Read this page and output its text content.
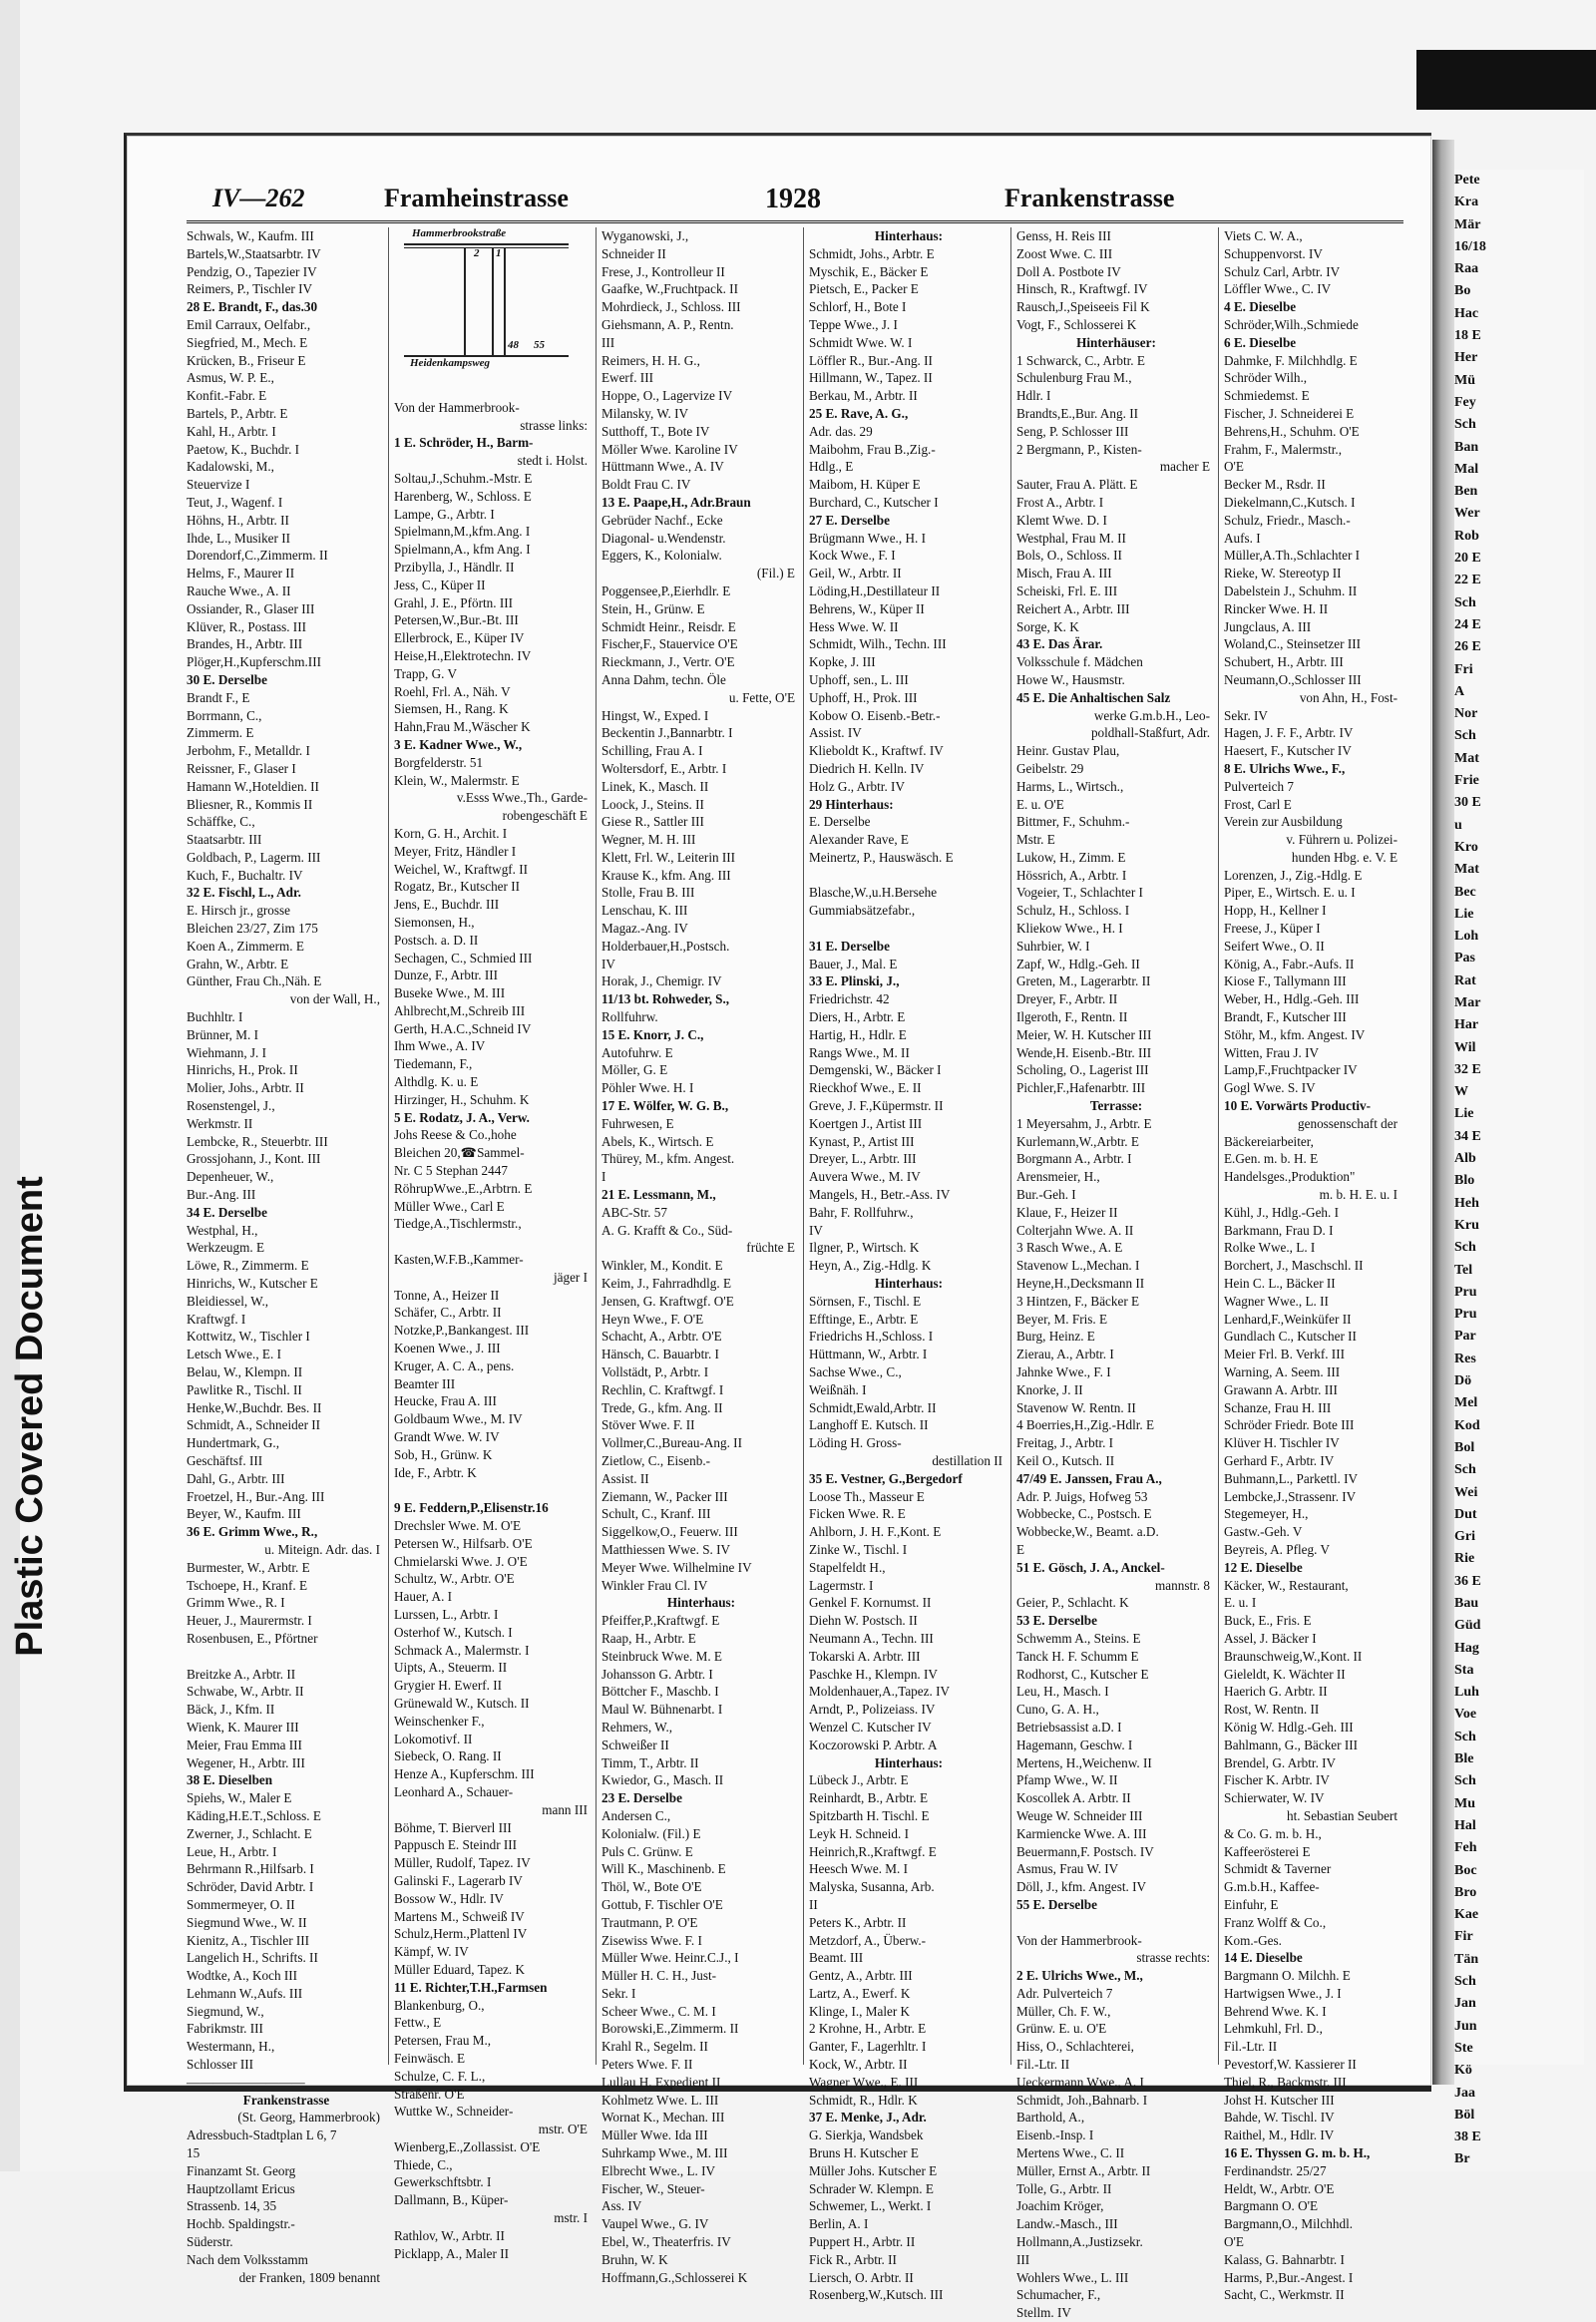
Plastic Covered Document
IV—262	Framheinstrasse	1928	Frankenstrasse
Schwals, W., Kaufm. III
Bartels,W.,Staatsarbtr. IV
Pendzig, O., Tapezier IV
Reimers, P., Tischler IV
28 E. Brandt, F., das.30
Emil Carraux, Oelfabr.,
Siegfried, M., Mech. E
Krücken, B., Friseur E
Asmus, W. P. E.,
Konfit.-Fabr. E
Bartels, P., Arbtr. E
Kahl, H., Arbtr. I
Paetow, K., Buchdr. I
Kadalowski, M.,
Steuervize I
Teut, J., Wagenf. I
Höhns, H., Arbtr. II
Ihde, L., Musiker II
Dorendorf,C.,Zimmerm. II
Helms, F., Maurer II
Rauche Wwe., A. II
Ossiander, R., Glaser III
Klüver, R., Postass. III
Brandes, H., Arbtr. III
Plöger,H.,Kupferschm.III
30 E. Derselbe
Brandt F., E
Borrmann, C.,
Zimmerm. E
Jerbohm, F., Metalldr. I
Reissner, F., Glaser I
Hamann W.,Hoteldien. II
Bliesner, R., Kommis II
Schäffke, C.,
Staatsarbtr. III
Goldbach, P., Lagerm. III
Kuch, F., Buchaltr. IV
32 E. Fischl, L., Adr.
E. Hirsch jr., grosse
Bleichen 23/27, Zim 175
Koen A., Zimmerm. E
Grahn, W., Arbtr. E
Günther, Frau Ch.,Näh. E
von der Wall, H.,
Buchhltr. I
Brünner, M. I
Wiehmann, J. I
Hinrichs, H., Prok. II
Molier, Johs., Arbtr. II
Rosenstengel, J.,
Werkmstr. II
Lembcke, R., Steuerbtr. III
Grossjohann, J., Kont. III
Depenheuer, W.,
Bur.-Ang. III
34 E. Derselbe
Westphal, H.,
Werkzeugm. E
Löwe, R., Zimmerm. E
Hinrichs, W., Kutscher E
Bleidiessel, W.,
Kraftwgf. I
Kottwitz, W., Tischler I
Letsch Wwe., E. I
Belau, W., Klempn. II
Pawlitke R., Tischl. II
Henke,W.,Buchdr. Bes. II
Schmidt, A., Schneider II
Hundertmark, G.,
Geschäftsf. III
Dahl, G., Arbtr. III
Froetzel, H., Bur.-Ang. III
Beyer, W., Kaufm. III
36 E. Grimm Wwe., R.,
u. Miteign. Adr. das. I
Burmester, W., Arbtr. E
Tschoepe, H., Kranf. E
Grimm Wwe., R. I
Heuer, J., Maurermstr. I
Rosenbusen, E., Pförtner
Breitzke A., Arbtr. II
Schwabe, W., Arbtr. II
Bäck, J., Kfm. II
Wienk, K. Maurer III
Meier, Frau Emma III
Wegener, H., Arbtr. III
38 E. Dieselben
Spiehs, W., Maler E
Käding,H.E.T.,Schloss. E
Zwerner, J., Schlacht. E
Leue, H., Arbtr. I
Behrmann R.,Hilfsarb. I
Schröder, David Arbtr. I
Sommermeyer, O. II
Siegmund Wwe., W. II
Kienitz, A., Tischler III
Langelich H., Schrifts. II
Wodtke, A., Koch III
Lehmann W.,Aufs. III
Siegmund, W.,
Fabrikmstr. III
Westermann, H.,
Schlosser III
—————————
Frankenstrasse
(St. Georg, Hammerbrook)
Adressbuch-Stadtplan L 6, 7
15
Finanzamt St. Georg
Hauptzollamt Ericus
Strassenb. 14, 35
Hochb. Spaldingstr.-
Süderstr.
Nach dem Volksstamm
der Franken, 1809 benannt
Hammerbrookstraße
2 1
48 55
Heidenkampsweg
Von der Hammerbrook-
strasse links:
1 E. Schröder, H., Barm-
stedt i. Holst.
Soltau,J.,Schuhm.-Mstr. E
Harenberg, W., Schloss. E
Lampe, G., Arbtr. I
Spielmann,M.,kfm.Ang. I
Spielmann,A., kfm Ang. I
Przibylla, J., Händlr. II
Jess, C., Küper II
Grahl, J. E., Pförtn. III
Petersen,W.,Bur.-Bt. III
Ellerbrock, E., Küper IV
Heise,H.,Elektrotechn. IV
Trapp, G. V
Roehl, Frl. A., Näh. V
Siemsen, H., Rang. K
Hahn,Frau M.,Wäscher K
3 E. Kadner Wwe., W.,
Borgfelderstr. 51
Klein, W., Malermstr. E
v.Esss Wwe.,Th., Garde-
robengeschäft E
Korn, G. H., Archit. I
Meyer, Fritz, Händler I
Weichel, W., Kraftwgf. II
Rogatz, Br., Kutscher II
Jens, E., Buchdr. III
Siemonsen, H.,
Postsch. a. D. II
Sechagen, C., Schmied III
Dunze, F., Arbtr. III
Buseke Wwe., M. III
Ahlbrecht,M.,Schreib III
Gerth, H.A.C.,Schneid IV
Ihm Wwe., A. IV
Tiedemann, F.,
Althdlg. K. u. E
Hirzinger, H., Schuhm. K
5 E. Rodatz, J. A., Verw.
Johs Reese & Co.,hohe
Bleichen 20,☎Sammel-
Nr. C 5 Stephan 2447
RöhrupWwe.,E.,Arbtrn. E
Müller Wwe., Carl E
Tiedge,A.,Tischlermstr.,
Kasten,W.F.B.,Kammer-
jäger I
Tonne, A., Heizer II
Schäfer, C., Arbtr. II
Notzke,P.,Bankangest. III
Koenen Wwe., J. III
Kruger, A. C. A., pens.
Beamter III
Heucke, Frau A. III
Goldbaum Wwe., M. IV
Grandt Wwe. W. IV
Sob, H., Grünw. K
Ide, F., Arbtr. K
9 E. Feddern,P.,Elisenstr.16
Drechsler Wwe. M. O'E
Petersen W., Hilfsarb. O'E
Chmielarski Wwe. J. O'E
Schultz, W., Arbtr. O'E
Hauer, A. I
Lurssen, L., Arbtr. I
Osterhof W., Kutsch. I
Schmack A., Malermstr. I
Uipts, A., Steuerm. II
Grygier H. Ewerf. II
Grünewald W., Kutsch. II
Weinschenker F.,
Lokomotivf. II
Siebeck, O. Rang. II
Henze A., Kupferschm. III
Leonhard A., Schauer-
mann III
Böhme, T. Bierverl III
Pappusch E. Steindr III
Müller, Rudolf, Tapez. IV
Galinski F., Lagerarb IV
Bossow W., Hdlr. IV
Martens M., Schweiß IV
Schulz,Herm.,Plattenl IV
Kämpf, W. IV
Müller Eduard, Tapez. K
11 E. Richter,T.H.,Farmsen
Blankenburg, O.,
Fettw., E
Petersen, Frau M.,
Feinwäsch. E
Schulze, C. F. L.,
Straßenr. O'E
Wuttke W., Schneider-
mstr. O'E
Wienberg,E.,Zollassist. O'E
Thiede, C.,
Gewerkschftsbtr. I
Dallmann, B., Küper-
mstr. I
Rathlov, W., Arbtr. II
Picklapp, A., Maler II
Wyganowski, J.,
Schneider II
Frese, J., Kontrolleur II
Gaafke, W.,Fruchtpack. II
Mohrdieck, J., Schloss. III
Giehsmann, A. P., Rentn.
III
Reimers, H. H. G.,
Ewerf. III
Hoppe, O., Lagervize IV
Milansky, W. IV
Sutthoff, T., Bote IV
Möller Wwe. Karoline IV
Hüttmann Wwe., A. IV
Boldt Frau C. IV
13 E. Paape,H., Adr.Braun
Gebrüder Nachf., Ecke
Diagonal- u.Wendenstr.
Eggers, K., Kolonialw.
(Fil.) E
Poggensee,P.,Eierhdlr. E
Stein, H., Grünw. E
Schmidt Heinr., Reisdr. E
Fischer,F., Stauervice O'E
Rieckmann, J., Vertr. O'E
Anna Dahm, techn. Öle
u. Fette, O'E
Hingst, W., Exped. I
Beckentin J.,Bannarbtr. I
Schilling, Frau A. I
Woltersdorf, E., Arbtr. I
Linek, K., Masch. II
Loock, J., Steins. II
Giese R., Sattler III
Wegner, M. H. III
Klett, Frl. W., Leiterin III
Krause K., kfm. Ang. III
Stolle, Frau B. III
Lenschau, K. III
Magaz.-Ang. IV
Holderbauer,H.,Postsch.
IV
Horak, J., Chemigr. IV
11/13 bt. Rohweder, S.,
Rollfuhrw.
15 E. Knorr, J. C.,
Autofuhrw. E
Möller, G. E
Pöhler Wwe. H. I
17 E. Wölfer, W. G. B.,
Fuhrwesen, E
Abels, K., Wirtsch. E
Thürey, M., kfm. Angest.
I
21 E. Lessmann, M.,
ABC-Str. 57
A. G. Krafft & Co., Süd-
früchte E
Winkler, M., Kondit. E
Keim, J., Fahrradhdlg. E
Jensen, G. Kraftwgf. O'E
Heyn Wwe., F. O'E
Schacht, A., Arbtr. O'E
Hänsch, C. Bauarbtr. I
Vollstädt, P., Arbtr. I
Rechlin, C. Kraftwgf. I
Trede, G., kfm. Ang. II
Stöver Wwe. F. II
Vollmer,C.,Bureau-Ang. II
Zietlow, C., Eisenb.-
Assist. II
Ziemann, W., Packer III
Schult, C., Kranf. III
Siggelkow,O., Feuerw. III
Matthiessen Wwe. S. IV
Meyer Wwe. Wilhelmine IV
Winkler Frau Cl. IV
Hinterhaus:
Pfeiffer,P.,Kraftwgf. E
Raap, H., Arbtr. E
Steinbruck Wwe. M. E
Johansson G. Arbtr. I
Böttcher F., Maschb. I
Maul W. Bühnenarbt. I
Rehmers, W.,
Schweißer II
Timm, T., Arbtr. II
Kwiedor, G., Masch. II
23 E. Derselbe
Andersen C.,
Kolonialw. (Fil.) E
Puls C. Grünw. E
Will K., Maschinenb. E
Thöl, W., Bote O'E
Gottub, F. Tischler O'E
Trautmann, P. O'E
Zisewiss Wwe. F. I
Müller Wwe. Heinr.C.J., I
Müller H. C. H., Just-
Sekr. I
Scheer Wwe., C. M. I
Borowski,E.,Zimmerm. II
Krahl R., Segelm. II
Peters Wwe. F. II
Lullau H. Expedient II
Kohlmetz Wwe. L. III
Wornat K., Mechan. III
Müller Wwe. Ida III
Suhrkamp Wwe., M. III
Elbrecht Wwe., L. IV
Fischer, W., Steuer-
Ass. IV
Vaupel Wwe., G. IV
Ebel, W., Theaterfris. IV
Bruhn, W. K
Hoffmann,G.,Schlosserei K
Hinterhaus:
Schmidt, Johs., Arbtr. E
Myschik, E., Bäcker E
Pietsch, E., Packer E
Schlorf, H., Bote I
Teppe Wwe., J. I
Schmidt Wwe. W. I
Löffler R., Bur.-Ang. II
Hillmann, W., Tapez. II
Berkau, M., Arbtr. II
25 E. Rave, A. G.,
Adr. das. 29
Maibohm, Frau B.,Zig.-
Hdlg., E
Maibom, H. Küper E
Burchard, C., Kutscher I
27 E. Derselbe
Brügmann Wwe., H. I
Kock Wwe., F. I
Geil, W., Arbtr. II
Löding,H.,Destillateur II
Behrens, W., Küper II
Hess Wwe. W. II
Schmidt, Wilh., Techn. III
Kopke, J. III
Uphoff, sen., L. III
Uphoff, H., Prok. III
Kobow O. Eisenb.-Betr.-
Assist. IV
Klieboldt K., Kraftwf. IV
Diedrich H. Kelln. IV
Holz G., Arbtr. IV
29 Hinterhaus:
E. Derselbe
Alexander Rave, E
Meinertz, P., Hauswäsch. E
Blasche,W.,u.H.Bersehe
Gummiabsätzefabr.,
31 E. Derselbe
Bauer, J., Mal. E
33 E. Plinski, J.,
Friedrichstr. 42
Diers, H., Arbtr. E
Hartig, H., Hdlr. E
Rangs Wwe., M. II
Demgenski, W., Bäcker I
Rieckhof Wwe., E. II
Greve, J. F.,Küpermstr. II
Koertgen J., Artist III
Kynast, P., Artist III
Dreyer, L., Arbtr. III
Auvera Wwe., M. IV
Mangels, H., Betr.-Ass. IV
Bahr, F. Rollfuhrw.,
IV
Ilgner, P., Wirtsch. K
Heyn, A., Zig.-Hdlg. K
Hinterhaus:
Sörnsen, F., Tischl. E
Efftinge, E., Arbtr. E
Friedrichs H.,Schloss. I
Hüttmann, W., Arbtr. I
Sachse Wwe., C.,
Weißnäh. I
Schmidt,Ewald,Arbtr. II
Langhoff E. Kutsch. II
Löding H. Gross-
destillation II
35 E. Vestner, G.,Bergedorf
Loose Th., Masseur E
Ficken Wwe. R. E
Ahlborn, J. H. F.,Kont. E
Zinke W., Tischl. I
Stapelfeldt H.,
Lagermstr. I
Genkel F. Kornumst. II
Diehn W. Postsch. II
Neumann A., Techn. III
Tokarski A. Arbtr. III
Paschke H., Klempn. IV
Moldenhauer,A.,Tapez. IV
Arndt, P., Polizeiass. IV
Wenzel C. Kutscher IV
Koczorowski P. Arbtr. A
Hinterhaus:
Lübeck J., Arbtr. E
Reinhardt, B., Arbtr. E
Spitzbarth H. Tischl. E
Leyk H. Schneid. I
Heinrich,R.,Kraftwgf. E
Heesch Wwe. M. I
Malyska, Susanna, Arb.
II
Peters K., Arbtr. II
Metzdorf, A., Überw.-
Beamt. III
Gentz, A., Arbtr. III
Lartz, A., Ewerf. K
Klinge, I., Maler K
2 Krohne, H., Arbtr. E
Ganter, F., Lagerhltr. I
Kock, W., Arbtr. II
Wagner Wwe., E. III
Schmidt, R., Hdlr. K
37 E. Menke, J., Adr.
G. Sierkja, Wandsbek
Bruns H. Kutscher E
Müller Johs. Kutscher E
Schrader W. Klempn. E
Schwemer, L., Werkt. I
Berlin, A. I
Puppert H., Arbtr. II
Fick R., Arbtr. II
Liersch, O. Arbtr. II
Rosenberg,W.,Kutsch. III
Genss, H. Reis III
Zoost Wwe. C. III
Doll A. Postbote IV
Hinsch, R., Kraftwgf. IV
Rausch,J.,Speiseeis Fil K
Vogt, F., Schlosserei K
Hinterhäuser:
1 Schwarck, C., Arbtr. E
Schulenburg Frau M.,
Hdlr. I
Brandts,E.,Bur. Ang. II
Seng, P. Schlosser III
2 Bergmann, P., Kisten-
macher E
Sauter, Frau A. Plätt. E
Frost A., Arbtr. I
Klemt Wwe. D. I
Westphal, Frau M. II
Bols, O., Schloss. II
Misch, Frau A. III
Scheiski, Frl. E. III
Reichert A., Arbtr. III
Sorge, K. K
43 E. Das Ärar.
Volksschule f. Mädchen
Howe W., Hausmstr.
45 E. Die Anhaltischen Salz
werke G.m.b.H., Leo-
poldhall-Staßfurt, Adr.
Heinr. Gustav Plau,
Geibelstr. 29
Harms, L., Wirtsch.,
E. u. O'E
Bittmer, F., Schuhm.-
Mstr. E
Lukow, H., Zimm. E
Hössrich, A., Arbtr. I
Vogeier, T., Schlachter I
Schulz, H., Schloss. I
Kliekow Wwe., H. I
Suhrbier, W. I
Zapf, W., Hdlg.-Geh. II
Greten, M., Lagerarbtr. II
Dreyer, F., Arbtr. II
Ilgeroth, F., Rentn. II
Meier, W. H. Kutscher III
Wende,H. Eisenb.-Btr. III
Scholing, O., Lagerist III
Pichler,F.,Hafenarbtr. III
Terrasse:
1 Meyersahm, J., Arbtr. E
Kurlemann,W.,Arbtr. E
Borgmann A., Arbtr. I
Arensmeier, H.,
Bur.-Geh. I
Klaue, F., Heizer II
Colterjahn Wwe. A. II
3 Rasch Wwe., A. E
Stavenow L.,Mechan. I
Heyne,H.,Decksmann II
3 Hintzen, F., Bäcker E
Beyer, M. Fris. E
Burg, Heinz. E
Zierau, A., Arbtr. I
Jahnke Wwe., F. I
Knorke, J. II
Stavenow W. Rentn. II
4 Boerries,H.,Zig.-Hdlr. E
Freitag, J., Arbtr. I
Keil O., Kutsch. II
47/49 E. Janssen, Frau A.,
Adr. P. Juigs, Hofweg 53
Wobbecke, C., Postsch. E
Wobbecke,W., Beamt. a.D.
E
51 E. Gösch, J. A., Anckel-
mannstr. 8
Geier, P., Schlacht. K
53 E. Derselbe
Schwemm A., Steins. E
Tanck H. F. Schumm E
Rodhorst, C., Kutscher E
Leu, H., Masch. I
Cuno, G. A. H.,
Betriebsassist a.D. I
Hagemann, Geschw. I
Mertens, H.,Weichenw. II
Pfamp Wwe., W. II
Koscollek A. Arbtr. II
Weuge W. Schneider III
Karmiencke Wwe. A. III
Beuermann,F. Postsch. IV
Asmus, Frau W. IV
Döll, J., kfm. Angest. IV
55 E. Derselbe
Von der Hammerbrook-
strasse rechts:
2 E. Ulrichs Wwe., M.,
Adr. Pulverteich 7
Müller, Ch. F. W.,
Grünw. E. u. O'E
Hiss, O., Schlachterei,
Fil.-Ltr. II
Ueckermann Wwe., A. I
Schmidt, Joh.,Bahnarb. I
Barthold, A.,
Eisenb.-Insp. I
Mertens Wwe., C. II
Müller, Ernst A., Arbtr. II
Tolle, G., Arbtr. II
Joachim Kröger,
Landw.-Masch., III
Hollmann,A.,Justizsekr.
III
Wohlers Wwe., L. III
Schumacher, F.,
Stellm. IV
Viets C. W. A.,
Schuppenvorst. IV
Schulz Carl, Arbtr. IV
Löffler Wwe., C. IV
4 E. Dieselbe
Schröder,Wilh.,Schmiede
6 E. Dieselbe
Dahmke, F. Milchhdlg. E
Schröder Wilh.,
Schmiedemst. E
Fischer, J. Schneiderei E
Behrens,H., Schuhm. O'E
Frahm, F., Malermstr.,
O'E
Becker M., Rsdr. II
Diekelmann,C.,Kutsch. I
Schulz, Friedr., Masch.-
Aufs. I
Müller,A.Th.,Schlachter I
Rieke, W. Stereotyp II
Dabelstein J., Schuhm. II
Rincker Wwe. H. II
Jungclaus, A. III
Woland,C., Steinsetzer III
Schubert, H., Arbtr. III
Neumann,O.,Schlosser III
von Ahn, H., Fost-
Sekr. IV
Hagen, J. F. F., Arbtr. IV
Haesert, F., Kutscher IV
8 E. Ulrichs Wwe., F.,
Pulverteich 7
Frost, Carl E
Verein zur Ausbildung
v. Führern u. Polizei-
hunden Hbg. e. V. E
Lorenzen, J., Zig.-Hdlg. E
Piper, E., Wirtsch. E. u. I
Hopp, H., Kellner I
Freese, J., Küper I
Seifert Wwe., O. II
König, A., Fabr.-Aufs. II
Kiose F., Tallymann III
Weber, H., Hdlg.-Geh. III
Brandt, F., Kutscher III
Stöhr, M., kfm. Angest. IV
Witten, Frau J. IV
Lamp,F.,Fruchtpacker IV
Gogl Wwe. S. IV
10 E. Vorwärts Productiv-
genossenschaft der
Bäckereiarbeiter,
E.Gen. m. b. H. E
Handelsges.,Produktion"
m. b. H. E. u. I
Kühl, J., Hdlg.-Geh. I
Barkmann, Frau D. I
Rolke Wwe., L. I
Borchert, J., Maschschl. II
Hein C. L., Bäcker II
Wagner Wwe., L. II
Lenhard,F.,Weinküfer II
Gundlach C., Kutscher II
Meier Frl. B. Verkf. III
Warning, A. Seem. III
Grawann A. Arbtr. III
Schanze, Frau H. III
Schröder Friedr. Bote III
Klüver H. Tischler IV
Gerhard F., Arbtr. IV
Buhmann,L., Parkettl. IV
Lembcke,J.,Strassenr. IV
Stegemeyer, H.,
Gastw.-Geh. V
Beyreis, A. Pfleg. V
12 E. Dieselbe
Käcker, W., Restaurant,
E. u. I
Buck, E., Fris. E
Assel, J. Bäcker I
Braunschweig,W.,Kont. II
Gieleldt, K. Wächter II
Haerich G. Arbtr. II
Rost, W. Rentn. II
König W. Hdlg.-Geh. III
Bahlmann, G., Bäcker III
Brendel, G. Arbtr. IV
Fischer K. Arbtr. IV
Schierwater, W. IV
ht. Sebastian Seubert
& Co. G. m. b. H.,
Kaffeerösterei E
Schmidt & Taverner
G.m.b.H., Kaffee-
Einfuhr, E
Franz Wolff & Co.,
Kom.-Ges.
14 E. Dieselbe
Bargmann O. Milchh. E
Hartwigsen Wwe., J. I
Behrend Wwe. K. I
Lehmkuhl, Frl. D.,
Fil.-Ltr. II
Pevestorf,W. Kassierer II
Thiel, R., Backmstr. III
Johst H. Kutscher III
Bahde, W. Tischl. IV
Raithel, M., Hdlr. IV
16 E. Thyssen G. m. b. H.,
Ferdinandstr. 25/27
Heldt, W., Arbtr. O'E
Bargmann O. O'E
Bargmann,O., Milchhdl.
O'E
Kalass, G. Bahnarbtr. I
Harms, P.,Bur.-Angest. I
Sacht, C., Werkmstr. II
Pete
Kra
Mär
16/18
Raa
Bo
Hac
18 E
Her
Mü
Fey
Sch
Ban
Mal
Ben
Wer
Rob
20 E
22 E
Sch
24 E
26 E
Fri
A
Nor
Sch
Mat
Frie
30 E
u
Kro
Mat
Bec
Lie
Loh
Pas
Rat
Mar
Har
Wil
32 E
W
Lie
34 E
Alb
Blo
Heh
Kru
Sch
Tel
Pru
Pru
Par
Res
Dö
Mel
Kod
Bol
Sch
Wei
Dut
Gri
Rie
36 E
Bau
Güd
Hag
Sta
Luh
Voe
Sch
Ble
Sch
Mu
Hal
Feh
Boc
Bro
Kae
Fir
Tän
Sch
Jan
Jun
Ste
Kö
Jaa
Böl
38 E
Br
